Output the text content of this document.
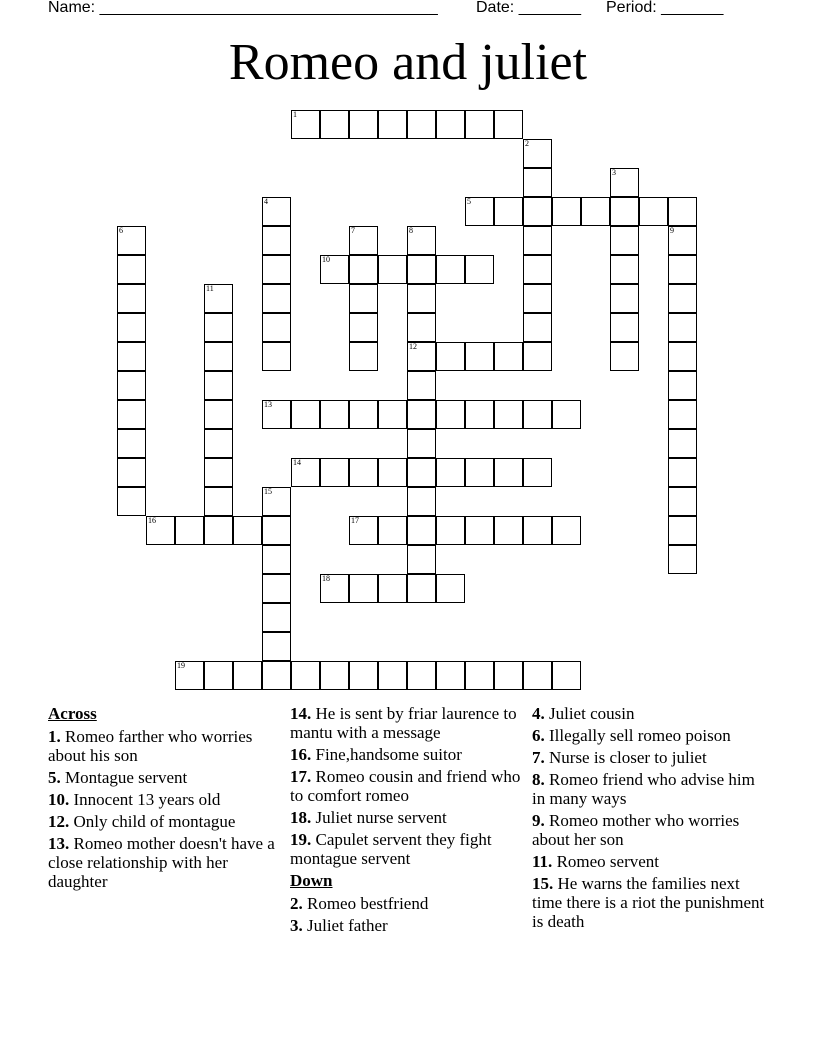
Name: ______________________________________ Date: _______ Period: _______
Romeo and juliet
1
2
3
4	5
6	7	8	9
10
11
12
13
14
15
16	17
18
19
Across
1. Romeo farther who worries about his son
5. Montague servent
10. Innocent 13 years old
12. Only child of montague
13. Romeo mother doesn't have a close relationship with her daughter
14. He is sent by friar laurence to mantu with a message
16. Fine,handsome suitor
17. Romeo cousin and friend who to comfort romeo
18. Juliet nurse servent
19. Capulet servent they fight montague servent
Down
2. Romeo bestfriend
3. Juliet father
4. Juliet cousin
6. Illegally sell romeo poison
7. Nurse is closer to juliet
8. Romeo friend who advise him in many ways
9. Romeo mother who worries about her son
11. Romeo servent
15. He warns the families next time there is a riot the punishment is death
